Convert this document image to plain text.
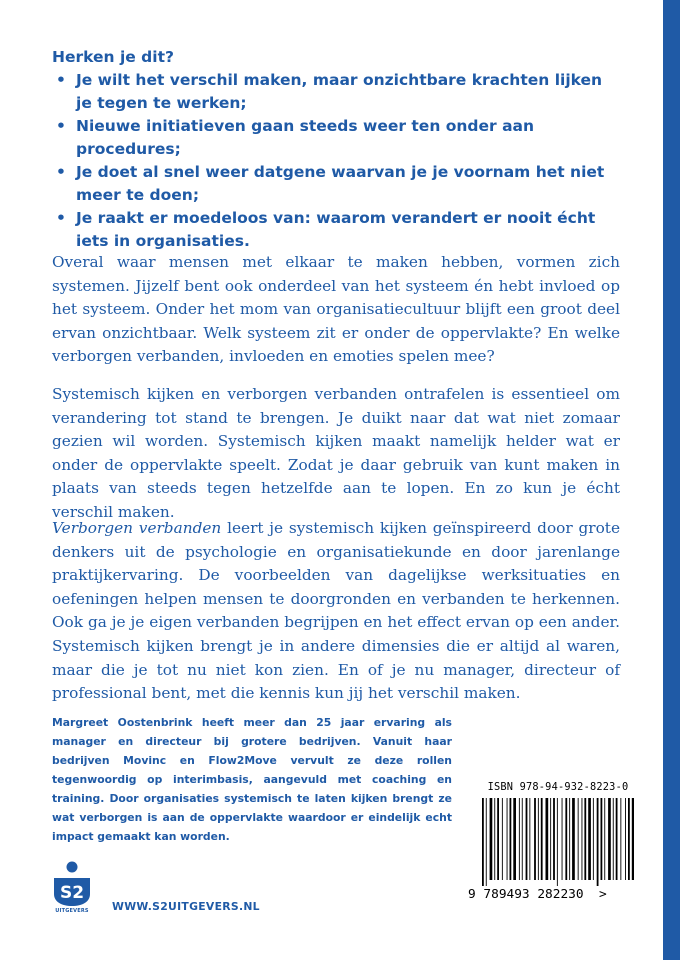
Herken je dit?
• Je wilt het verschil maken, maar onzichtbare krachten lijken je tegen te werken;
• Nieuwe initiatieven gaan steeds weer ten onder aan procedures;
• Je doet al snel weer datgene waarvan je je voornam het niet meer te doen;
• Je raakt er moedeloos van: waarom verandert er nooit écht iets in organisaties.

Overal waar mensen met elkaar te maken hebben, vormen zich systemen. Jijzelf bent ook onderdeel van het systeem én hebt invloed op het systeem. Onder het mom van organisatiecultuur blijft een groot deel ervan onzichtbaar. Welk systeem zit er onder de oppervlakte? En welke verborgen verbanden, invloeden en emoties spelen mee?

Systemisch kijken en verborgen verbanden ontrafelen is essentieel om verandering tot stand te brengen. Je duikt naar dat wat niet zomaar gezien wil worden. Systemisch kijken maakt namelijk helder wat er onder de oppervlakte speelt. Zodat je daar gebruik van kunt maken in plaats van steeds tegen hetzelfde aan te lopen. En zo kun je écht verschil maken.

Verborgen verbanden leert je systemisch kijken geïnspireerd door grote denkers uit de psychologie en organisatiekunde en door jarenlange praktijkervaring. De voorbeelden van dagelijkse werksituaties en oefeningen helpen mensen te doorgronden en verbanden te herkennen. Ook ga je je eigen verbanden begrijpen en het effect ervan op een ander. Systemisch kijken brengt je in andere dimensies die er altijd al waren, maar die je tot nu niet kon zien. En of je nu manager, directeur of professional bent, met die kennis kun jij het verschil maken.

Margreet Oostenbrink heeft meer dan 25 jaar ervaring als manager en directeur bij grotere bedrijven. Vanuit haar bedrijven Movinc en Flow2Move vervult ze deze rollen tegenwoordig op interimbasis, aangevuld met coaching en training. Door organisaties systemisch te laten kijken brengt ze wat verborgen is aan de oppervlakte waardoor er eindelijk echt impact gemaakt kan worden.

ISBN 978-94-932-8223-0
9 789493 282230  >
S2
UITGEVERS	WWW.S2UITGEVERS.NL
